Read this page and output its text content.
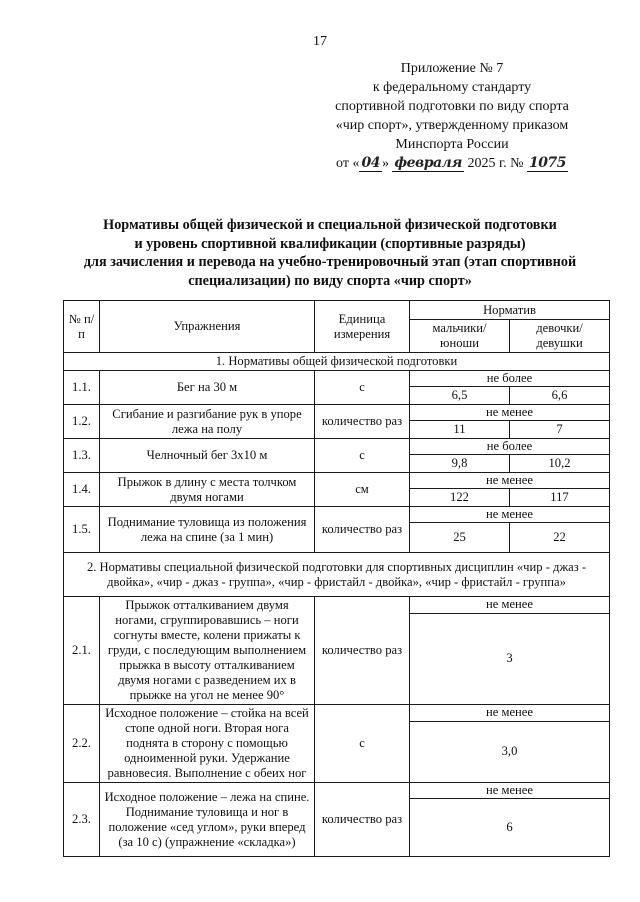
17
Приложение № 7
к федеральному стандарту
спортивной подготовки по виду спорта
«чир спорт», утвержденному приказом
Минспорта России
от « 04 » февраля 2025 г. № 1075
Нормативы общей физической и специальной физической подготовки
и уровень спортивной квалификации (спортивные разряды)
для зачисления и перевода на учебно-тренировочный этап (этап спортивной
специализации) по виду спорта «чир спорт»
№ п/п	Упражнения	Единица измерения	Норматив	
			мальчики/ юноши	девочки/ девушки
1. Нормативы общей физической подготовки				
1.1.	Бег на 30 м	с	не более	
			6,5	6,6
1.2.	Сгибание и разгибание рук в упоре лежа на полу	количество раз	не менее	
			11	7
1.3.	Челночный бег 3x10 м	с	не более	
			9,8	10,2
1.4.	Прыжок в длину с места толчком двумя ногами	см	не менее	
			122	117
1.5.	Поднимание туловища из положения лежа на спине (за 1 мин)	количество раз	не менее	
			25	22
2. Нормативы специальной физической подготовки для спортивных дисциплин «чир - джаз - двойка», «чир - джаз - группа», «чир - фристайл - двойка», «чир - фристайл - группа»				
2.1.	Прыжок отталкиванием двумя ногами, сгруппировавшись – ноги согнуты вместе, колени прижаты к груди, с последующим выполнением прыжка в высоту отталкиванием двумя ногами с разведением их в прыжке на угол не менее 90°	количество раз	не менее	
			3	
2.2.	Исходное положение – стойка на всей стопе одной ноги. Вторая нога поднята в сторону с помощью одноименной руки. Удержание равновесия. Выполнение с обеих ног	с	не менее	
			3,0	
2.3.	Исходное положение – лежа на спине. Поднимание туловища и ног в положение «сед углом», руки вперед (за 10 с) (упражнение «складка»)	количество раз	не менее	
			6	
